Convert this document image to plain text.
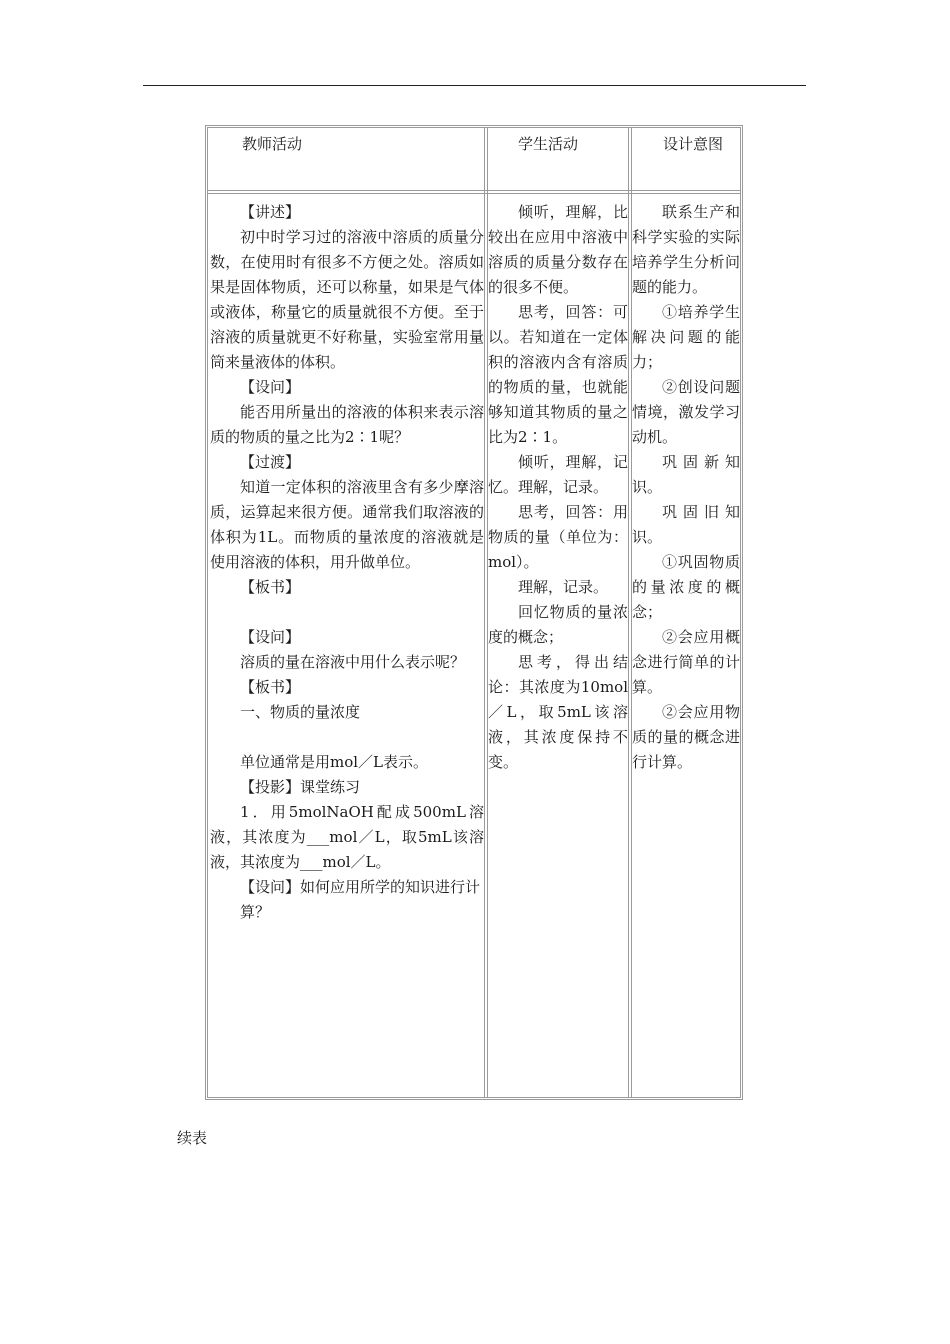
教师活动	学生活动	设计意图

【讲述】

初中时学习过的溶液中溶质的质量分数，在使用时有很多不方便之处。溶质如果是固体物质，还可以称量，如果是气体或液体，称量它的质量就很不方便。至于溶液的质量就更不好称量，实验室常用量筒来量液体的体积。

【设问】

能否用所量出的溶液的体积来表示溶质的物质的量之比为2∶1呢？

【过渡】

知道一定体积的溶液里含有多少摩溶质，运算起来很方便。通常我们取溶液的体积为1L。而物质的量浓度的溶液就是使用溶液的体积，用升做单位。

【板书】

【设问】

溶质的量在溶液中用什么表示呢？

【板书】

一、物质的量浓度

单位通常是用mol／L表示。

【投影】课堂练习

1．用5molNaOH配成500mL溶液，其浓度为___mol／L，取5mL该溶液，其浓度为___mol／L。

【设问】如何应用所学的知识进行计

算？

倾听，理解，比较出在应用中溶液中溶质的质量分数存在的很多不便。

思考，回答：可以。若知道在一定体积的溶液内含有溶质的物质的量，也就能够知道其物质的量之比为2∶1。

倾听，理解，记忆。理解，记录。

思考，回答：用物质的量（单位为：mol）。

理解，记录。

回忆物质的量浓度的概念；

思考，得出结论：其浓度为10mol／L，取5mL该溶液，其浓度保持不变。

联系生产和科学实验的实际培养学生分析问题的能力。

①培养学生解决问题的能力；

②创设问题情境，激发学习动机。

巩固新知识。

巩固旧知识。

①巩固物质的量浓度的概念；

②会应用概念进行简单的计算。

②会应用物质的量的概念进行计算。

续表
